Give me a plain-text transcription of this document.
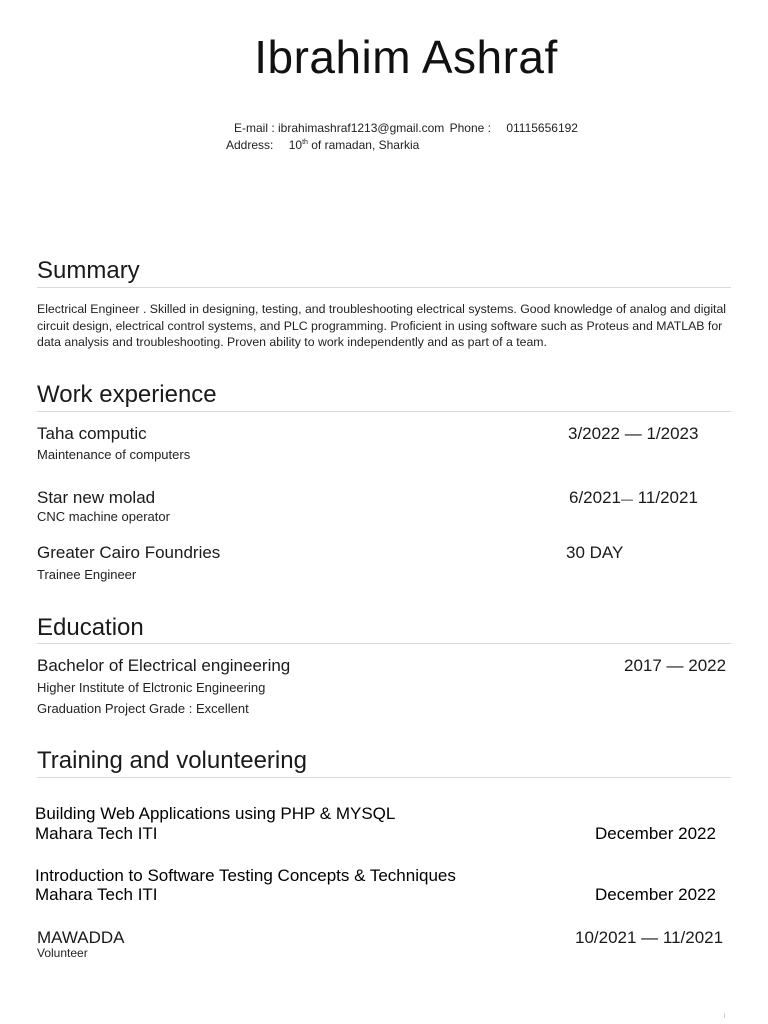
Ibrahim Ashraf
E-mail : ibrahimashraf1213@gmail.com Phone : 01115656192
Address: 10th of ramadan, Sharkia
Summary
Electrical Engineer . Skilled in designing, testing, and troubleshooting electrical systems. Good knowledge of analog and digital circuit design, electrical control systems, and PLC programming. Proficient in using software such as Proteus and MATLAB for data analysis and troubleshooting. Proven ability to work independently and as part of a team.
Work experience
Taha computic	3/2022 — 1/2023
Maintenance of computers
Star new molad	6/2021— 11/2021
CNC machine operator
Greater Cairo Foundries	30 DAY
Trainee Engineer
Education
Bachelor of Electrical engineering	2017 — 2022
Higher Institute of Elctronic Engineering
Graduation Project Grade : Excellent
Training and volunteering
Building Web Applications using PHP & MYSQL
Mahara Tech ITI	December 2022
Introduction to Software Testing Concepts & Techniques
Mahara Tech ITI	December 2022
MAWADDA	10/2021 — 11/2021
Volunteer
